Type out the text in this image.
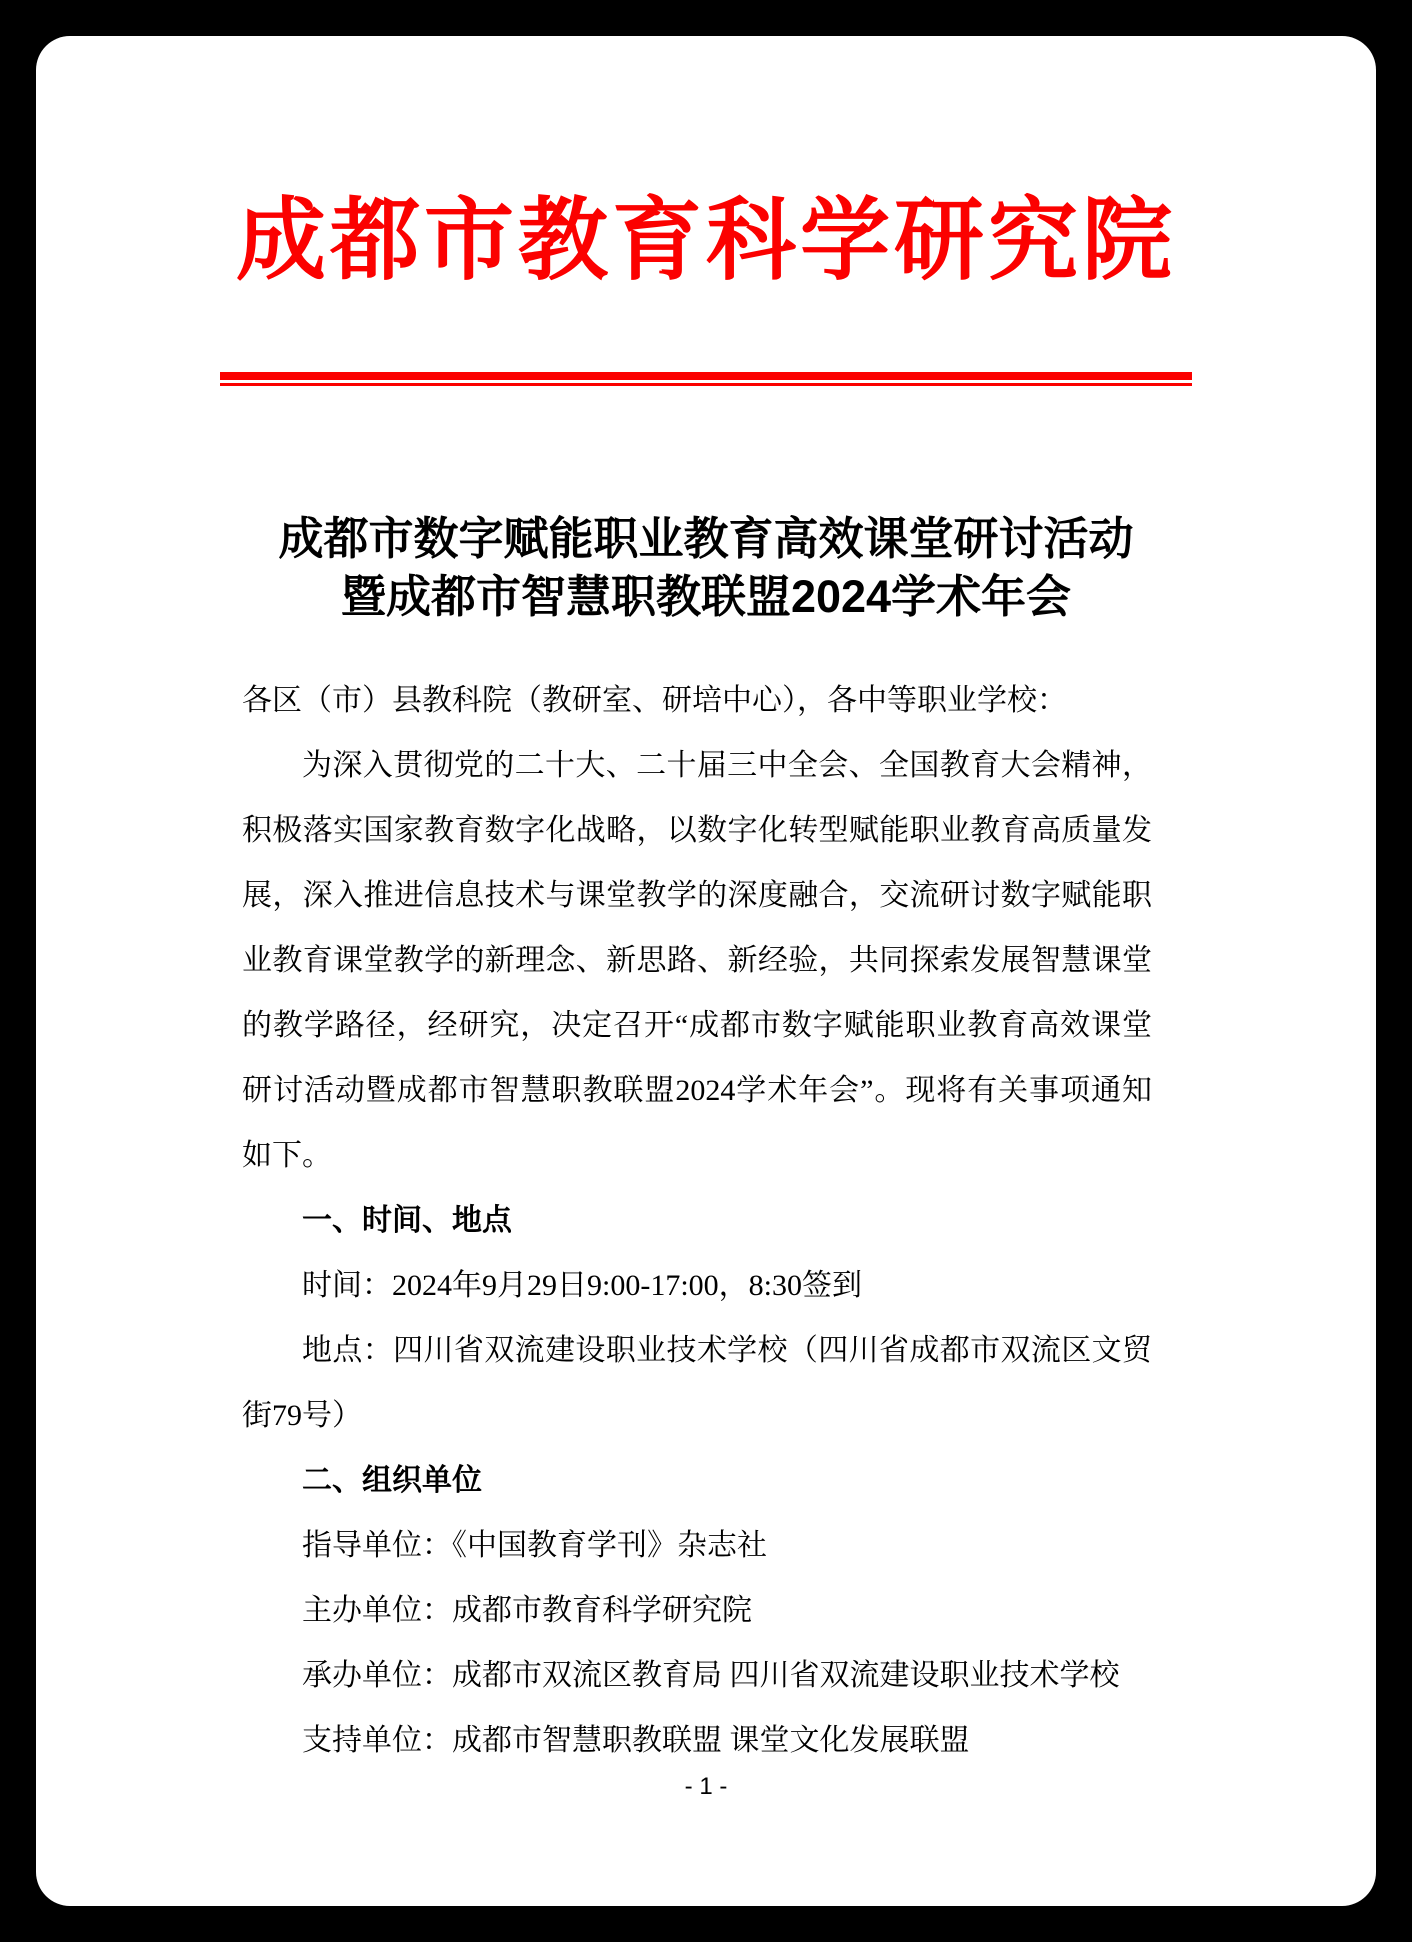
成都市教育科学研究院
成都市数字赋能职业教育高效课堂研讨活动
暨成都市智慧职教联盟2024学术年会
各区（市）县教科院（教研室、研培中心），各中等职业学校：
为深入贯彻党的二十大、二十届三中全会、全国教育大会精神，
积极落实国家教育数字化战略，以数字化转型赋能职业教育高质量发
展，深入推进信息技术与课堂教学的深度融合，交流研讨数字赋能职
业教育课堂教学的新理念、新思路、新经验，共同探索发展智慧课堂
的教学路径，经研究，决定召开“成都市数字赋能职业教育高效课堂
研讨活动暨成都市智慧职教联盟2024学术年会”。现将有关事项通知
如下。
一、时间、地点
时间：2024年9月29日9:00-17:00，8:30签到
地点：四川省双流建设职业技术学校（四川省成都市双流区文贸
街79号）
二、组织单位
指导单位：《中国教育学刊》杂志社
主办单位：成都市教育科学研究院
承办单位：成都市双流区教育局 四川省双流建设职业技术学校
支持单位：成都市智慧职教联盟 课堂文化发展联盟
- 1 -
